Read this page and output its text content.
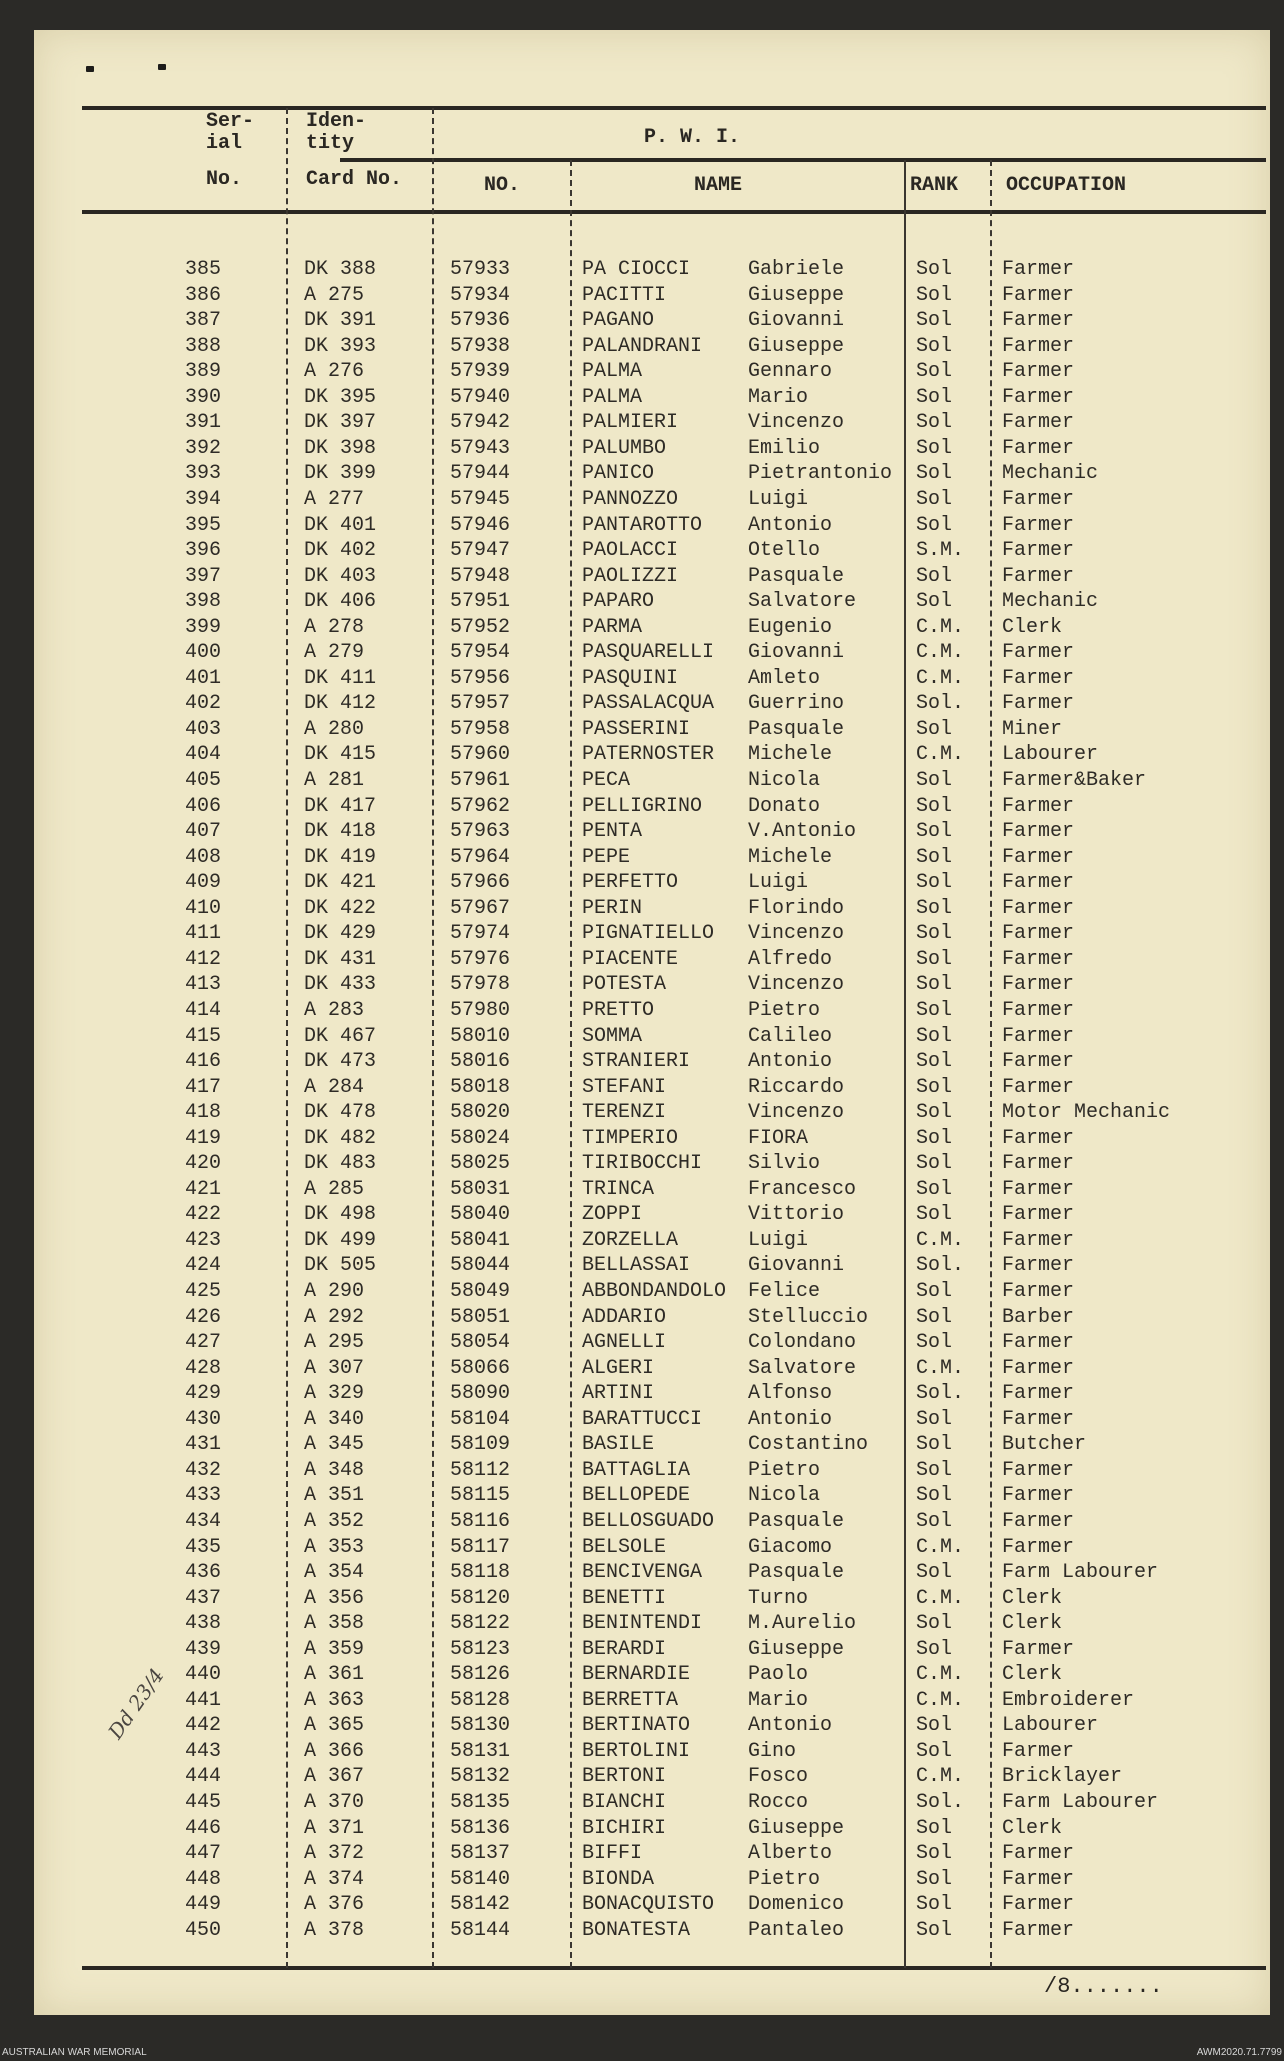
Ser-
ial
No.
Iden-
tity
Card No.
P. W. I.
NO.	NAME	RANK OCCUPATION
385	DK 388	57933	PA CIOCCI	Gabriele	Sol Farmer
386	A 275	57934	PACITTI	Giuseppe	Sol Farmer
387	DK 391	57936	PAGANO	Giovanni	Sol Farmer
388	DK 393	57938	PALANDRANI Giuseppe	Sol Farmer
389	A 276	57939	PALMA	Gennaro	Sol Farmer
390	DK 395	57940	PALMA	Mario	Sol Farmer
391	DK 397	57942	PALMIERI	Vincenzo	Sol Farmer
392	DK 398	57943	PALUMBO	Emilio	Sol Farmer
393	DK 399	57944	PANICO	Pietrantonio Sol Mechanic
394	A 277	57945	PANNOZZO	Luigi	Sol Farmer
395	DK 401	57946	PANTAROTTO Antonio	Sol Farmer
396	DK 402	57947	PAOLACCI	Otello	S.M. Farmer
397	DK 403	57948	PAOLIZZI	Pasquale	Sol Farmer
398	DK 406	57951	PAPARO	Salvatore	Sol Mechanic
399	A 278	57952	PARMA	Eugenio	C.M. Clerk
400	A 279	57954	PASQUARELLI Giovanni	C.M. Farmer
401	DK 411	57956	PASQUINI	Amleto	C.M. Farmer
402	DK 412	57957	PASSALACQUA Guerrino	Sol. Farmer
403	A 280	57958	PASSERINI	Pasquale	Sol Miner
404	DK 415	57960	PATERNOSTER Michele	C.M. Labourer
405	A 281	57961	PECA	Nicola	Sol Farmer&Baker
406	DK 417	57962	PELLIGRINO Donato	Sol Farmer
407	DK 418	57963	PENTA	V.Antonio	Sol Farmer
408	DK 419	57964	PEPE	Michele	Sol Farmer
409	DK 421	57966	PERFETTO	Luigi	Sol Farmer
410	DK 422	57967	PERIN	Florindo	Sol Farmer
411	DK 429	57974	PIGNATIELLO Vincenzo	Sol Farmer
412	DK 431	57976	PIACENTE	Alfredo	Sol Farmer
413	DK 433	57978	POTESTA	Vincenzo	Sol Farmer
414	A 283	57980	PRETTO	Pietro	Sol Farmer
415	DK 467	58010	SOMMA	Calileo	Sol Farmer
416	DK 473	58016	STRANIERI	Antonio	Sol Farmer
417	A 284	58018	STEFANI	Riccardo	Sol Farmer
418	DK 478	58020	TERENZI	Vincenzo	Sol Motor Mechanic
419	DK 482	58024	TIMPERIO	FIORA	Sol Farmer
420	DK 483	58025	TIRIBOCCHI Silvio	Sol Farmer
421	A 285	58031	TRINCA	Francesco	Sol Farmer
422	DK 498	58040	ZOPPI	Vittorio	Sol Farmer
423	DK 499	58041	ZORZELLA	Luigi	C.M. Farmer
424	DK 505	58044	BELLASSAI	Giovanni	Sol. Farmer
425	A 290	58049	ABBONDANDOLO Felice	Sol Farmer
426	A 292	58051	ADDARIO	Stelluccio Sol Barber
427	A 295	58054	AGNELLI	Colondano	Sol Farmer
428	A 307	58066	ALGERI	Salvatore	C.M. Farmer
429	A 329	58090	ARTINI	Alfonso	Sol. Farmer
430	A 340	58104	BARATTUCCI Antonio	Sol Farmer
431	A 345	58109	BASILE	Costantino Sol Butcher
432	A 348	58112	BATTAGLIA	Pietro	Sol Farmer
433	A 351	58115	BELLOPEDE	Nicola	Sol Farmer
434	A 352	58116	BELLOSGUADO Pasquale	Sol Farmer
435	A 353	58117	BELSOLE	Giacomo	C.M. Farmer
436	A 354	58118	BENCIVENGA Pasquale	Sol Farm Labourer
437	A 356	58120	BENETTI	Turno	C.M. Clerk
438	A 358	58122	BENINTENDI M.Aurelio	Sol Clerk
439	A 359	58123	BERARDI	Giuseppe	Sol Farmer
440	A 361	58126	BERNARDIE	Paolo	C.M. Clerk
441	A 363	58128	BERRETTA	Mario	C.M. Embroiderer
442	A 365	58130	BERTINATO	Antonio	Sol Labourer
443	A 366	58131	BERTOLINI	Gino	Sol Farmer
444	A 367	58132	BERTONI	Fosco	C.M. Bricklayer
445	A 370	58135	BIANCHI	Rocco	Sol. Farm Labourer
446	A 371	58136	BICHIRI	Giuseppe	Sol Clerk
447	A 372	58137	BIFFI	Alberto	Sol Farmer
448	A 374	58140	BIONDA	Pietro	Sol Farmer
449	A 376	58142	BONACQUISTO Domenico	Sol Farmer
450	A 378	58144	BONATESTA	Pantaleo	Sol Farmer
/8.......
Dd 23/4
AUSTRALIAN WAR MEMORIAL	AWM2020.71.7799
